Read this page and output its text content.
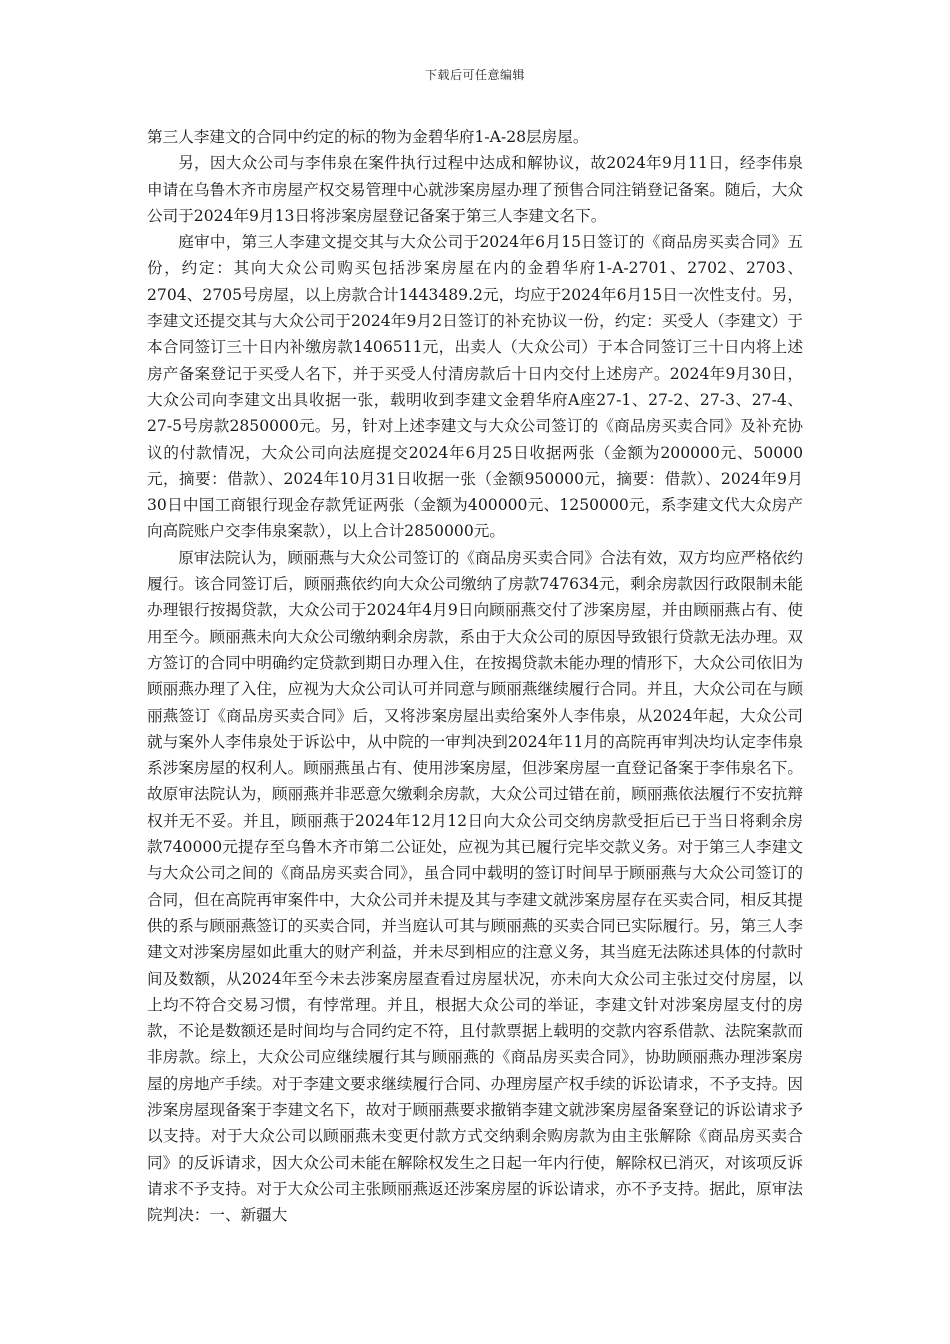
下载后可任意编辑

第三人李建文的合同中约定的标的物为金碧华府1-A-28层房屋。

另，因大众公司与李伟泉在案件执行过程中达成和解协议，故2024年9月11日，经李伟泉申请在乌鲁木齐市房屋产权交易管理中心就涉案房屋办理了预售合同注销登记备案。随后，大众公司于2024年9月13日将涉案房屋登记备案于第三人李建文名下。

庭审中，第三人李建文提交其与大众公司于2024年6月15日签订的《商品房买卖合同》五份，约定：其向大众公司购买包括涉案房屋在内的金碧华府1-A-2701、2702、2703、2704、2705号房屋，以上房款合计1443489.2元，均应于2024年6月15日一次性支付。另，李建文还提交其与大众公司于2024年9月2日签订的补充协议一份，约定：买受人（李建文）于本合同签订三十日内补缴房款1406511元，出卖人（大众公司）于本合同签订三十日内将上述房产备案登记于买受人名下，并于买受人付清房款后十日内交付上述房产。2024年9月30日，大众公司向李建文出具收据一张，载明收到李建文金碧华府A座27-1、27-2、27-3、27-4、27-5号房款2850000元。另，针对上述李建文与大众公司签订的《商品房买卖合同》及补充协议的付款情况，大众公司向法庭提交2024年6月25日收据两张（金额为200000元、50000元，摘要：借款）、2024年10月31日收据一张（金额950000元，摘要：借款）、2024年9月30日中国工商银行现金存款凭证两张（金额为400000元、1250000元，系李建文代大众房产向高院账户交李伟泉案款），以上合计2850000元。

原审法院认为，顾丽燕与大众公司签订的《商品房买卖合同》合法有效，双方均应严格依约履行。该合同签订后，顾丽燕依约向大众公司缴纳了房款747634元，剩余房款因行政限制未能办理银行按揭贷款，大众公司于2024年4月9日向顾丽燕交付了涉案房屋，并由顾丽燕占有、使用至今。顾丽燕未向大众公司缴纳剩余房款，系由于大众公司的原因导致银行贷款无法办理。双方签订的合同中明确约定贷款到期日办理入住，在按揭贷款未能办理的情形下，大众公司依旧为顾丽燕办理了入住，应视为大众公司认可并同意与顾丽燕继续履行合同。并且，大众公司在与顾丽燕签订《商品房买卖合同》后，又将涉案房屋出卖给案外人李伟泉，从2024年起，大众公司就与案外人李伟泉处于诉讼中，从中院的一审判决到2024年11月的高院再审判决均认定李伟泉系涉案房屋的权利人。顾丽燕虽占有、使用涉案房屋，但涉案房屋一直登记备案于李伟泉名下。故原审法院认为，顾丽燕并非恶意欠缴剩余房款，大众公司过错在前，顾丽燕依法履行不安抗辩权并无不妥。并且，顾丽燕于2024年12月12日向大众公司交纳房款受拒后已于当日将剩余房款740000元提存至乌鲁木齐市第二公证处，应视为其已履行完毕交款义务。对于第三人李建文与大众公司之间的《商品房买卖合同》，虽合同中载明的签订时间早于顾丽燕与大众公司签订的合同，但在高院再审案件中，大众公司并未提及其与李建文就涉案房屋存在买卖合同，相反其提供的系与顾丽燕签订的买卖合同，并当庭认可其与顾丽燕的买卖合同已实际履行。另，第三人李建文对涉案房屋如此重大的财产利益，并未尽到相应的注意义务，其当庭无法陈述具体的付款时间及数额，从2024年至今未去涉案房屋查看过房屋状况，亦未向大众公司主张过交付房屋，以上均不符合交易习惯，有悖常理。并且，根据大众公司的举证，李建文针对涉案房屋支付的房款，不论是数额还是时间均与合同约定不符，且付款票据上载明的交款内容系借款、法院案款而非房款。综上，大众公司应继续履行其与顾丽燕的《商品房买卖合同》，协助顾丽燕办理涉案房屋的房地产手续。对于李建文要求继续履行合同、办理房屋产权手续的诉讼请求，不予支持。因涉案房屋现备案于李建文名下，故对于顾丽燕要求撤销李建文就涉案房屋备案登记的诉讼请求予以支持。对于大众公司以顾丽燕未变更付款方式交纳剩余购房款为由主张解除《商品房买卖合同》的反诉请求，因大众公司未能在解除权发生之日起一年内行使，解除权已消灭，对该项反诉请求不予支持。对于大众公司主张顾丽燕返还涉案房屋的诉讼请求，亦不予支持。据此，原审法院判决：一、新疆大
